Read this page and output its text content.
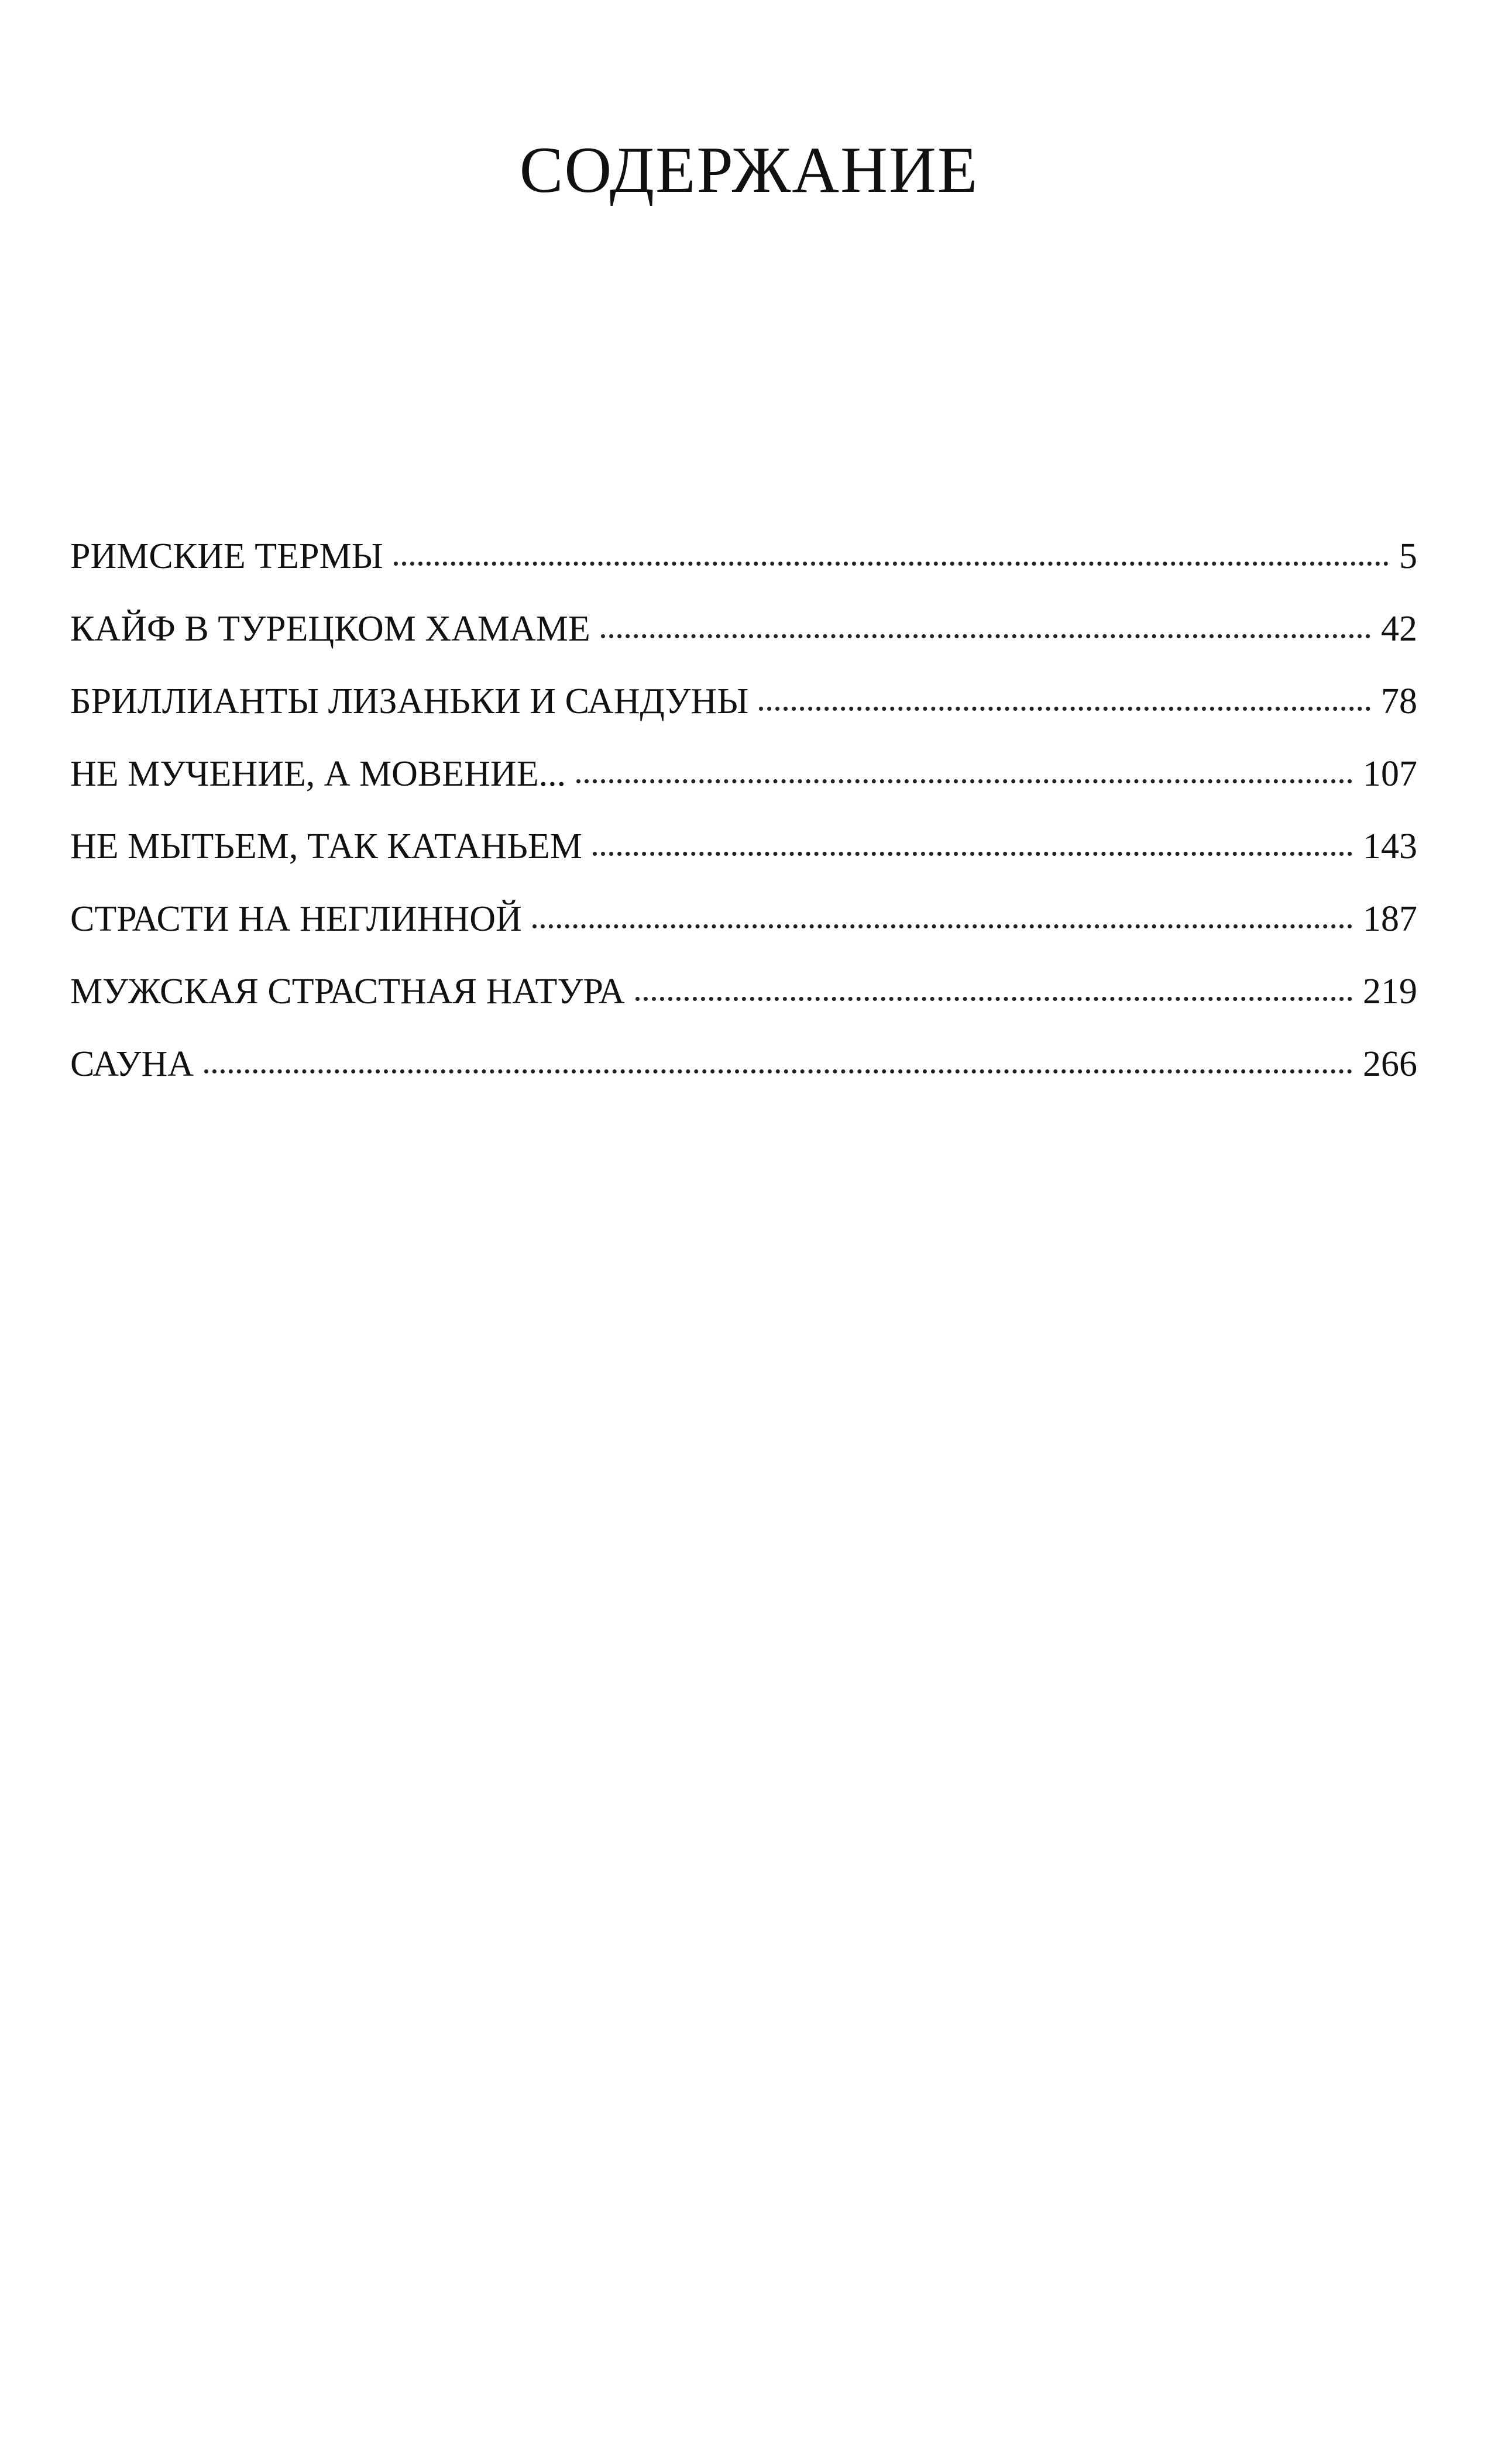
СОДЕРЖАНИЕ
РИМСКИЕ ТЕРМЫ	5
КАЙФ В ТУРЕЦКОМ ХАМАМЕ	42
БРИЛЛИАНТЫ ЛИЗАНЬКИ И САНДУНЫ	78
НЕ МУЧЕНИЕ, А МОВЕНИЕ...	107
НЕ МЫТЬЕМ, ТАК КАТАНЬЕМ	143
СТРАСТИ НА НЕГЛИННОЙ	187
МУЖСКАЯ СТРАСТНАЯ НАТУРА	219
САУНА	266
